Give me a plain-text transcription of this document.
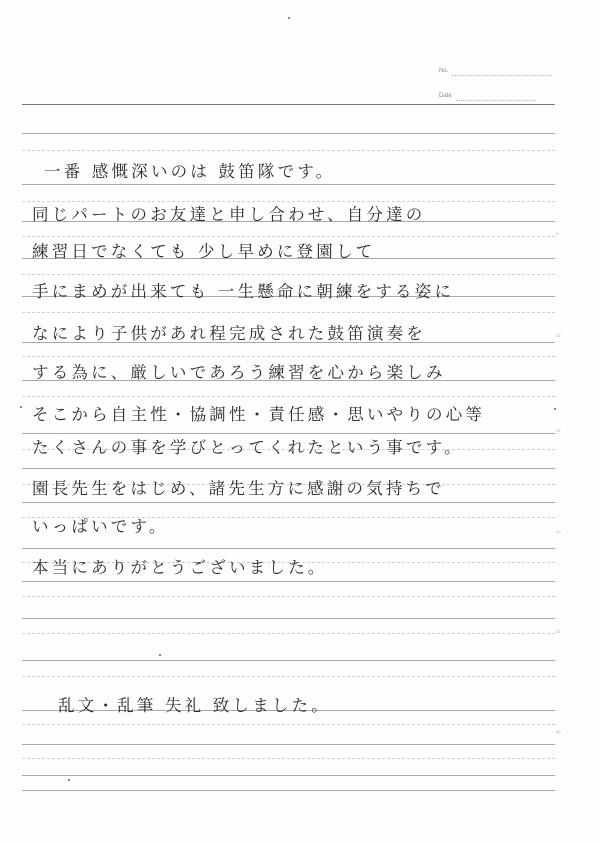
No.
Date
5
10
15
20
25
30
一番 感慨深いのは 鼓笛隊です。
同じパートのお友達と申し合わせ、自分達の
練習日でなくても 少し早めに登園して
手にまめが出来ても 一生懸命に朝練をする姿に
なにより子供があれ程完成された鼓笛演奏を
する為に、厳しいであろう練習を心から楽しみ
そこから自主性・協調性・責任感・思いやりの心等
たくさんの事を学びとってくれたという事です。
園長先生をはじめ、諸先生方に感謝の気持ちで
いっぱいです。
本当にありがとうございました。
乱文・乱筆 失礼 致しました。
